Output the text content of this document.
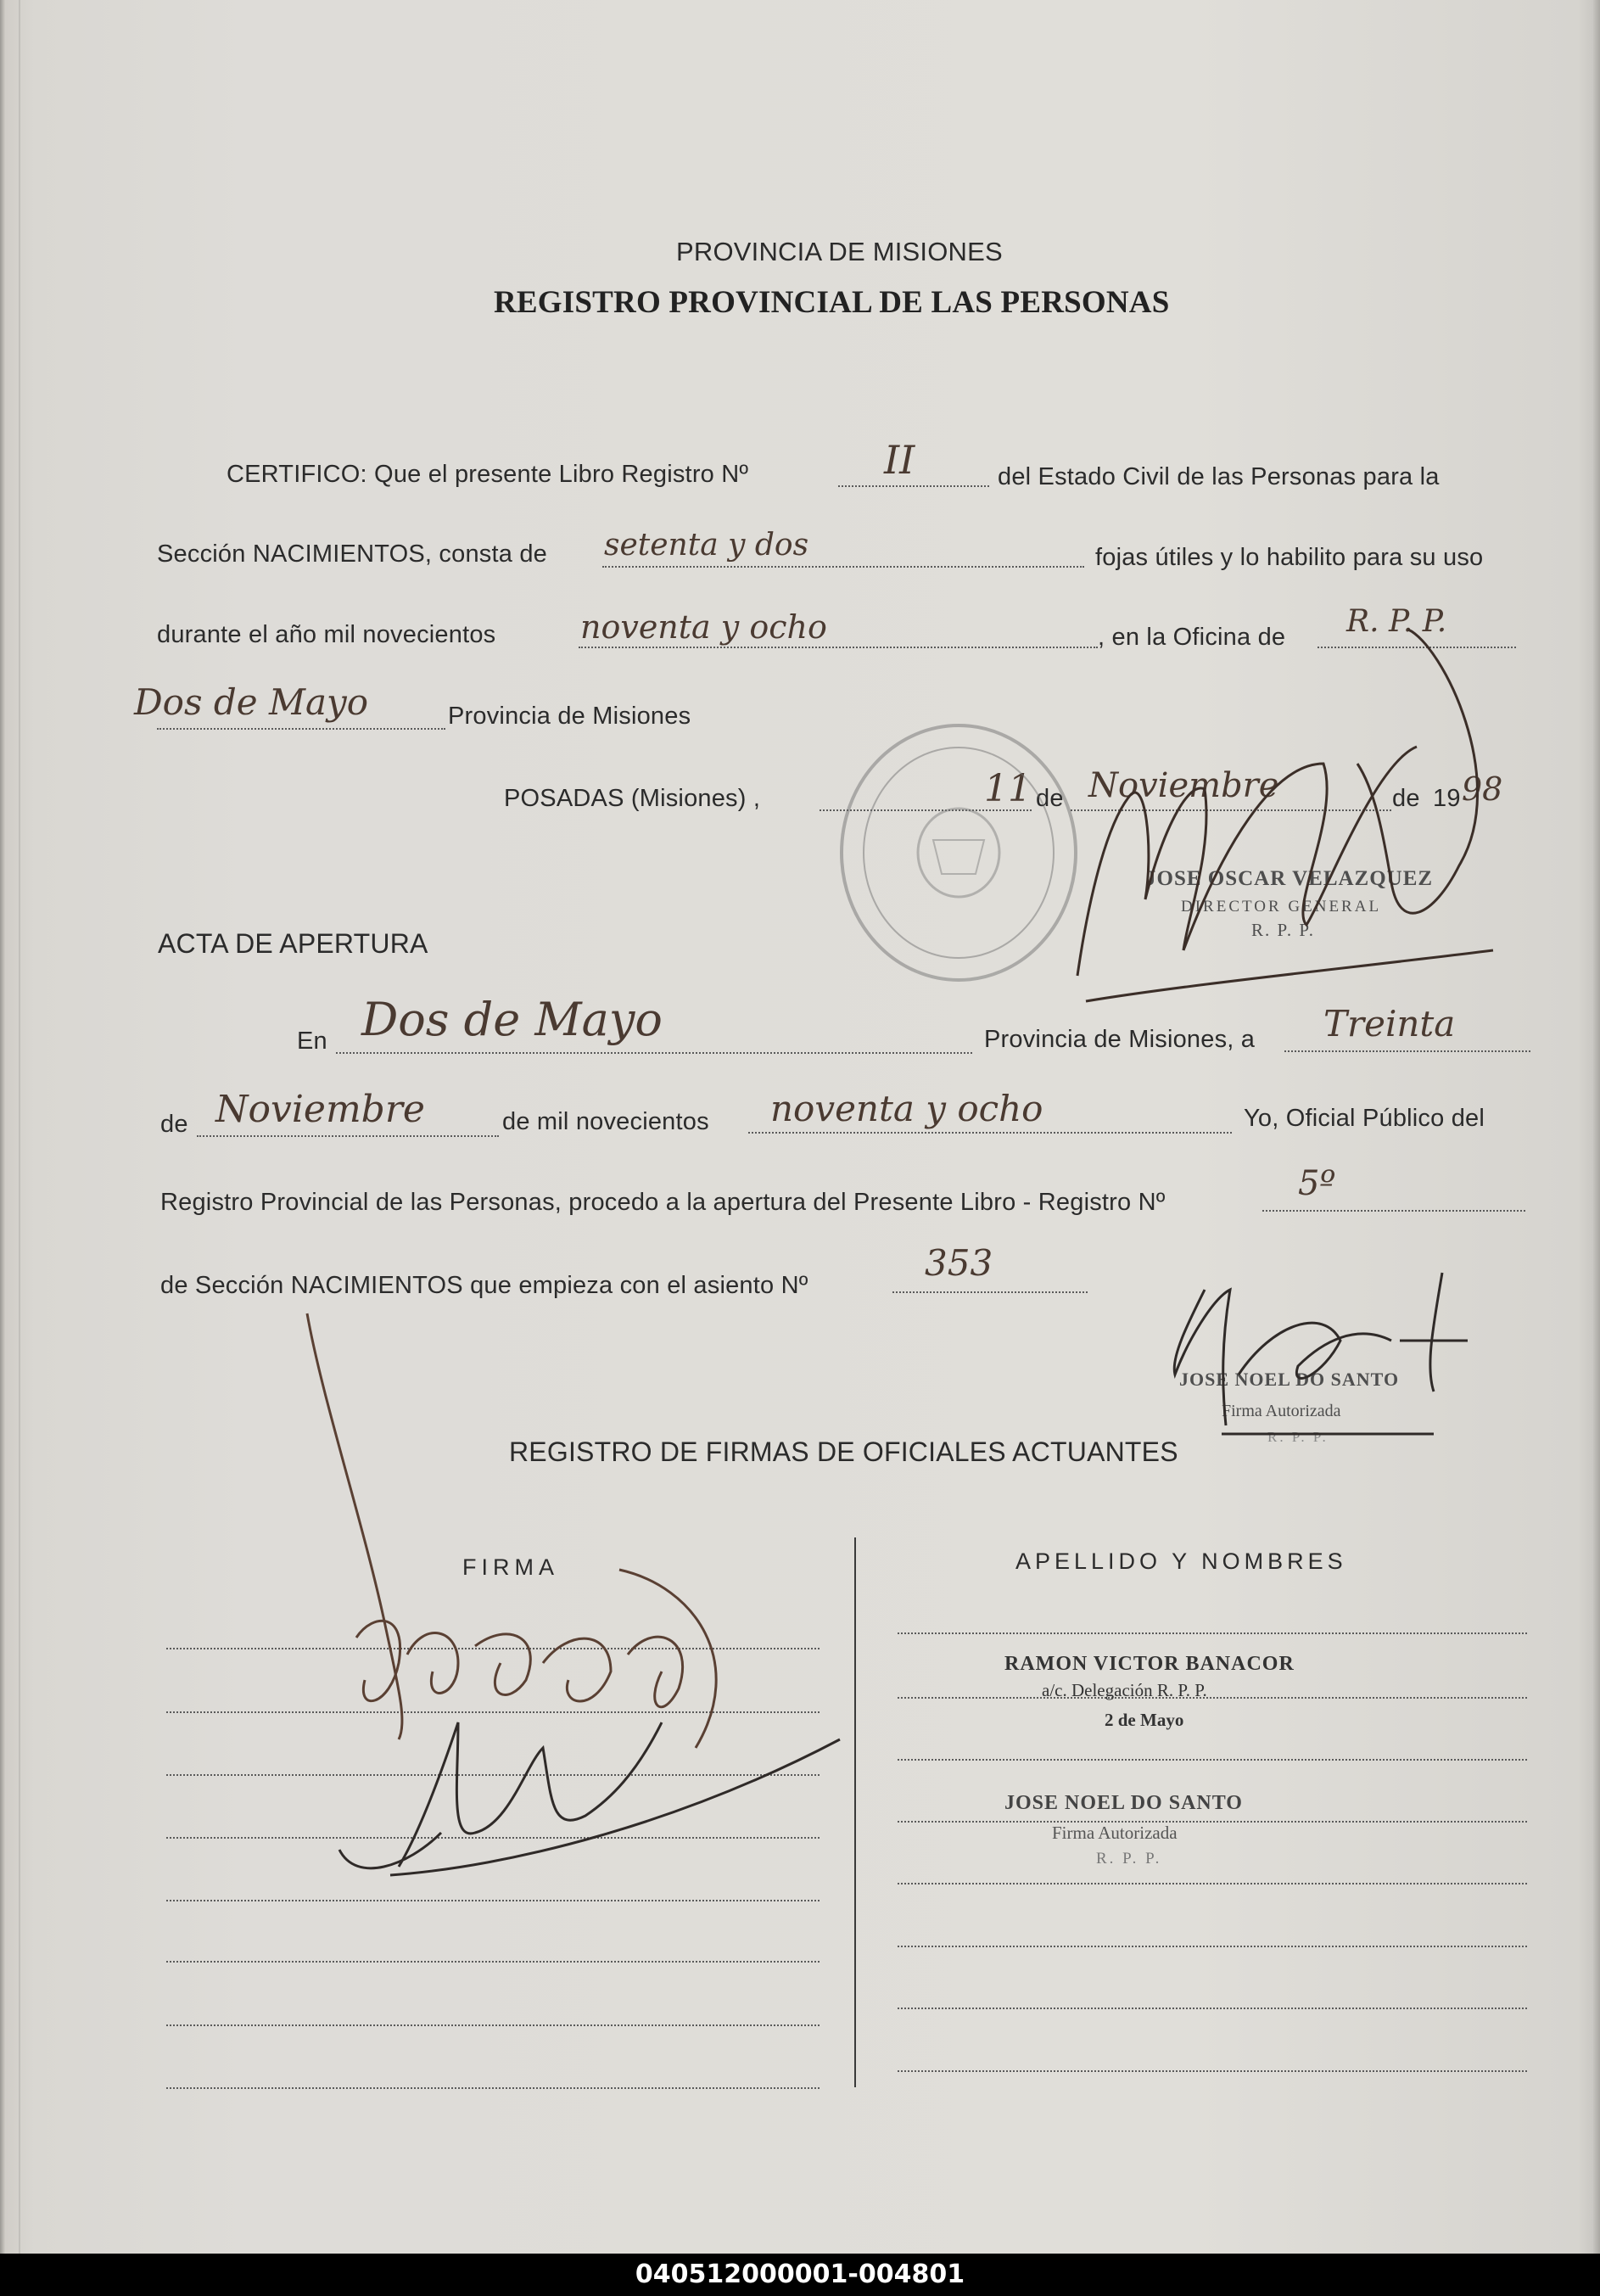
PROVINCIA DE MISIONES
REGISTRO PROVINCIAL DE LAS PERSONAS
CERTIFICO: Que el presente Libro Registro Nº	II	del Estado Civil de las Personas para la
Sección NACIMIENTOS, consta de setenta y dos	fojas útiles y lo habilito para su uso
durante el año mil novecientos	noventa y ocho	, en la Oficina de R. P. P.
Dos de Mayo	Provincia de Misiones
POSADAS (Misiones) ,	11 de Noviembre	de 19 98
JOSE OSCAR VELAZQUEZ
DIRECTOR GENERAL
R. P. P.
ACTA DE APERTURA
En Dos de Mayo	Provincia de Misiones, a Treinta
de Noviembre	de mil novecientos noventa y ocho	Yo, Oficial Público del
Registro Provincial de las Personas, procedo a la apertura del Presente Libro - Registro Nº	5º
de Sección NACIMIENTOS que empieza con el asiento Nº
353
JOSE NOEL DO SANTO
Firma Autorizada
R. P. P.
REGISTRO DE FIRMAS DE OFICIALES ACTUANTES
FIRMA	APELLIDO Y NOMBRES
RAMON VICTOR BANACOR
a/c. Delegación R. P. P.
2 de Mayo
JOSE NOEL DO SANTO
Firma Autorizada
R. P. P.
040512000001-004801
